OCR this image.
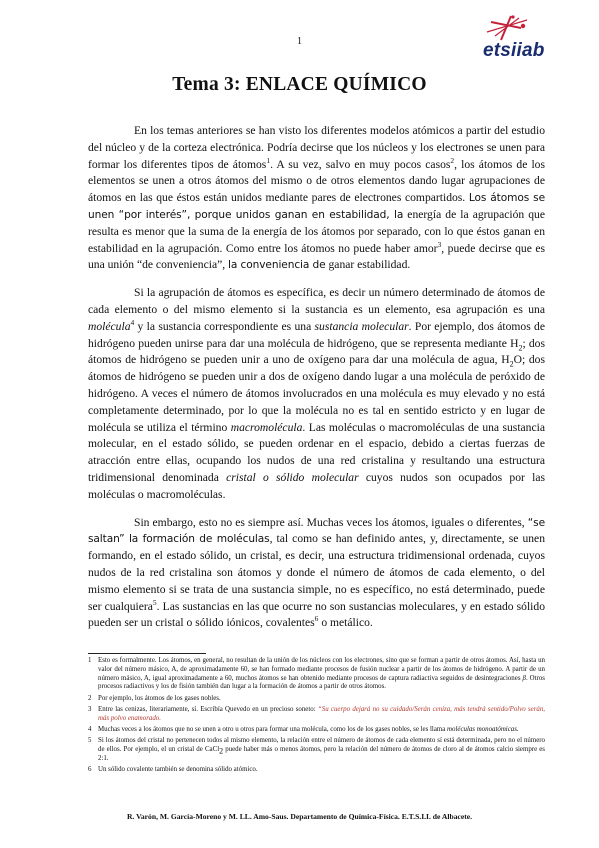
etsiiab
1
Tema 3: ENLACE QUÍMICO

En los temas anteriores se han visto los diferentes modelos atómicos a partir del estudio del núcleo y de la corteza electrónica. Podría decirse que los núcleos y los electrones se unen para formar los diferentes tipos de átomos$^1$. A su vez, salvo en muy pocos casos$^2$, los átomos de los elementos se unen a otros átomos del mismo o de otros elementos dando lugar agrupaciones de átomos en las que éstos están unidos mediante pares de electrones compartidos. Los átomos se unen “por interés”, porque unidos ganan en estabilidad, la energía de la agrupación que resulta es menor que la suma de la energía de los átomos por separado, con lo que éstos ganan en estabilidad en la agrupación. Como entre los átomos no puede haber amor$^3$, puede decirse que es una unión “de conveniencia”, la conveniencia de ganar estabilidad.

Si la agrupación de átomos es específica, es decir un número determinado de átomos de cada elemento o del mismo elemento si la sustancia es un elemento, esa agrupación es una molécula$^4$ y la sustancia correspondiente es una sustancia molecular. Por ejemplo, dos átomos de hidrógeno pueden unirse para dar una molécula de hidrógeno, que se representa mediante $H_2$; dos átomos de hidrógeno se pueden unir a uno de oxígeno para dar una molécula de agua, $H_2O$; dos átomos de hidrógeno se pueden unir a dos de oxígeno dando lugar a una molécula de peróxido de hidrógeno. A veces el número de átomos involucrados en una molécula es muy elevado y no está completamente determinado, por lo que la molécula no es tal en sentido estricto y en lugar de molécula se utiliza el término macromolécula. Las moléculas o macromoléculas de una sustancia molecular, en el estado sólido, se pueden ordenar en el espacio, debido a ciertas fuerzas de atracción entre ellas, ocupando los nudos de una red cristalina y resultando una estructura tridimensional denominada cristal o sólido molecular cuyos nudos son ocupados por las moléculas o macromoléculas.

Sin embargo, esto no es siempre así. Muchas veces los átomos, iguales o diferentes, “se saltan” la formación de moléculas, tal como se han definido antes, y, directamente, se unen formando, en el estado sólido, un cristal, es decir, una estructura tridimensional ordenada, cuyos nudos de la red cristalina son átomos y donde el número de átomos de cada elemento, o del mismo elemento si se trata de una sustancia simple, no es específico, no está determinado, puede ser cualquiera$^5$. Las sustancias en las que ocurre no son sustancias moleculares, y en estado sólido pueden ser un cristal o sólido iónicos, covalentes$^6$ o metálico.

1 Esto es formalmente. Los átomos, en general, no resultan de la unión de los núcleos con los electrones, sino que se forman a partir de otros átomos. Así, hasta un valor del número másico, A, de aproximadamente 60, se han formado mediante procesos de fusión nuclear a partir de los átomos de hidrógeno. A partir de un número másico, A, igual aproximadamente a 60, muchos átomos se han obtenido mediante procesos de captura radiactiva seguidos de desintegraciones β. Otros procesos radiactivos y los de fisión también dan lugar a la formación de átomos a partir de otros átomos.
2 Por ejemplo, los átomos de los gases nobles.
3 Entre las cenizas, literariamente, sí. Escribía Quevedo en un precioso soneto: “Su cuerpo dejará no su cuidado/Serán ceniza, más tendrá sentido/Polvo serán, más polvo enamorado.
4 Muchas veces a los átomos que no se unen a otro u otros para formar una molécula, como los de los gases nobles, se les llama moléculas monoatómicas.
5 Si los átomos del cristal no pertenecen todos al mismo elemento, la relación entre el número de átomos de cada elemento sí está determinada, pero no el número de ellos. Por ejemplo, el un cristal de CaCl2 puede haber más o menos átomos, pero la relación del número de átomos de cloro al de átomos calcio siempre es 2:1.
6 Un sólido covalente también se denomina sólido atómico.
R. Varón, M. García-Moreno y M. LL. Amo-Saus. Departamento de Química-Física. E.T.S.I.I. de Albacete.
